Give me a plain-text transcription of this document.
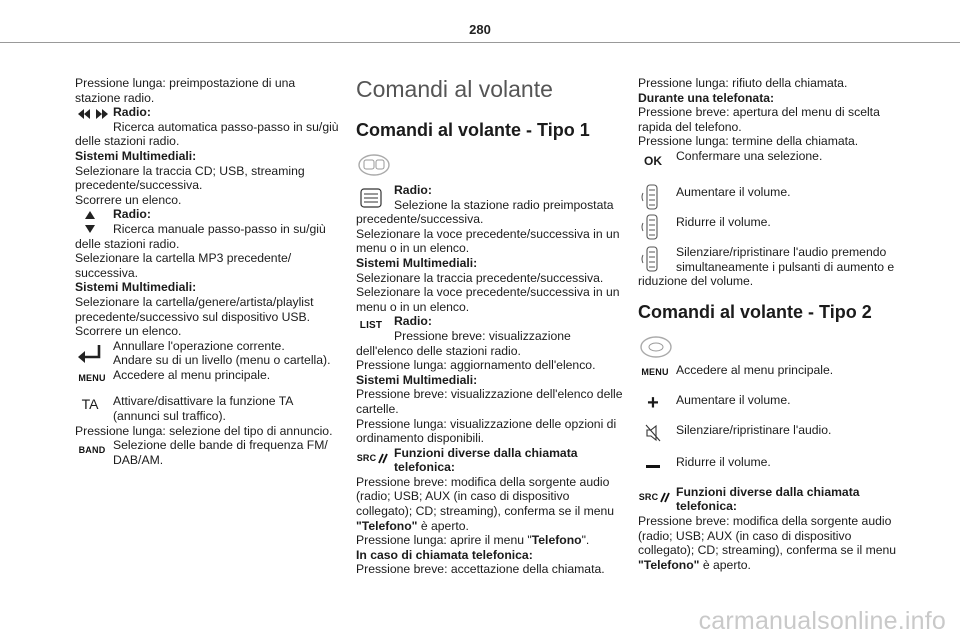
280

Pressione lunga: preimpostazione di una stazione radio.

Radio:

Ricerca automatica passo-passo in su/giù

delle stazioni radio.

Sistemi Multimediali:

Selezionare la traccia CD; USB, streaming precedente/successiva.

Scorrere un elenco.

Radio:

Ricerca manuale passo-passo in su/giù

delle stazioni radio.

Selezionare la cartella MP3 precedente/ successiva.

Sistemi Multimediali:

Selezionare la cartella/genere/artista/playlist precedente/successivo sul dispositivo USB.

Scorrere un elenco.

Annullare l'operazione corrente.

Andare su di un livello (menu o cartella).

MENU Accedere al menu principale.

TA	Attivare/disattivare la funzione TA

(annunci sul traffico).

Pressione lunga: selezione del tipo di annuncio.

BAND Selezione delle bande di frequenza FM/

DAB/AM.

Comandi al volante
Comandi al volante - Tipo 1

Radio:

Selezione la stazione radio preimpostata

precedente/successiva.

Selezionare la voce precedente/successiva in un menu o in un elenco.

Sistemi Multimediali:

Selezionare la traccia precedente/successiva.

Selezionare la voce precedente/successiva in un menu o in un elenco.

LIST Radio:

Pressione breve: visualizzazione

dell'elenco delle stazioni radio.

Pressione lunga: aggiornamento dell'elenco.

Sistemi Multimediali:

Pressione breve: visualizzazione dell'elenco delle cartelle.

Pressione lunga: visualizzazione delle opzioni di ordinamento disponibili.

SRC	Funzioni diverse dalla chiamata telefonica:

Pressione breve: modifica della sorgente audio (radio; USB; AUX (in caso di dispositivo collegato); CD; streaming), conferma se il menu

"Telefono" è aperto.

Pressione lunga: aprire il menu "Telefono".

In caso di chiamata telefonica:

Pressione breve: accettazione della chiamata.

Pressione lunga: rifiuto della chiamata.

Durante una telefonata:

Pressione breve: apertura del menu di scelta rapida del telefono.

Pressione lunga: termine della chiamata.

OK	Confermare una selezione.

Aumentare il volume.

Ridurre il volume.

Silenziare/ripristinare l'audio premendo

simultaneamente i pulsanti di aumento e

riduzione del volume.

Comandi al volante - Tipo 2
MENU Accedere al menu principale.

+	Aumentare il volume.

Silenziare/ripristinare l'audio.

Ridurre il volume.

SRC	Funzioni diverse dalla chiamata telefonica:

Pressione breve: modifica della sorgente audio (radio; USB; AUX (in caso di dispositivo collegato); CD; streaming), conferma se il menu

"Telefono" è aperto.

carmanualsonline.info
